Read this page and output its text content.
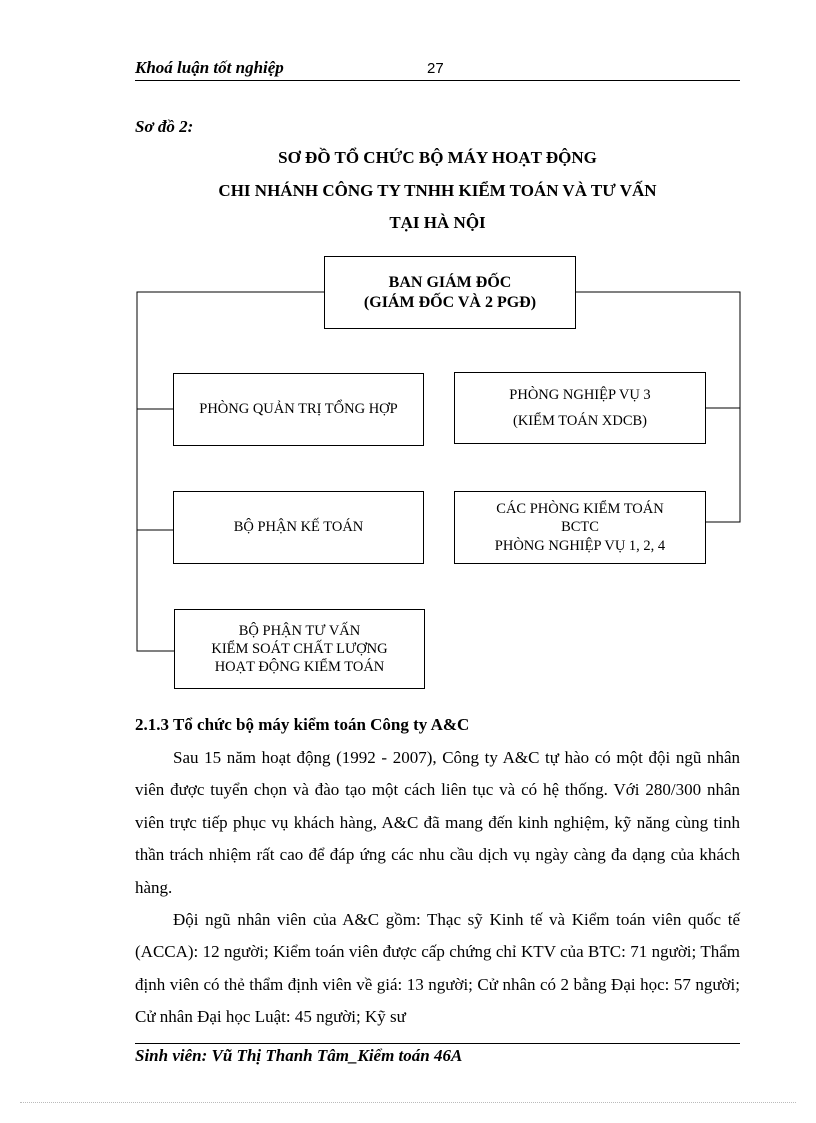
Khoá luận tốt nghiệp	27
Sơ đồ 2:
SƠ ĐỒ TỔ CHỨC BỘ MÁY HOẠT ĐỘNG
CHI NHÁNH CÔNG TY TNHH KIỂM TOÁN VÀ TƯ VẤN
TẠI HÀ NỘI
BAN GIÁM ĐỐC
(GIÁM ĐỐC VÀ 2 PGĐ)
PHÒNG QUẢN TRỊ TỔNG HỢP
PHÒNG NGHIỆP VỤ 3
(KIỂM TOÁN XDCB)
BỘ PHẬN KẾ TOÁN
CÁC PHÒNG KIỂM TOÁN
BCTC
PHÒNG NGHIỆP VỤ 1, 2, 4
BỘ PHẬN TƯ VẤN
KIỂM SOÁT CHẤT LƯỢNG
HOẠT ĐỘNG KIỂM TOÁN
2.1.3 Tổ chức bộ máy kiểm toán Công ty A&C
Sau 15 năm hoạt động (1992 - 2007), Công ty A&C tự hào có một đội ngũ nhân viên được tuyển chọn và đào tạo một cách liên tục và có hệ thống. Với 280/300 nhân viên trực tiếp phục vụ khách hàng, A&C đã mang đến kinh nghiệm, kỹ năng cùng tinh thần trách nhiệm rất cao để đáp ứng các nhu cầu dịch vụ ngày càng đa dạng của khách hàng.
Đội ngũ nhân viên của A&C gồm: Thạc sỹ Kinh tế và Kiểm toán viên quốc tế (ACCA): 12 người; Kiểm toán viên được cấp chứng chỉ KTV của BTC: 71 người; Thẩm định viên có thẻ thẩm định viên về giá: 13 người; Cử nhân có 2 bằng Đại học: 57 người; Cử nhân Đại học Luật: 45 người; Kỹ sư
Sinh viên: Vũ Thị Thanh Tâm_Kiểm toán 46A
